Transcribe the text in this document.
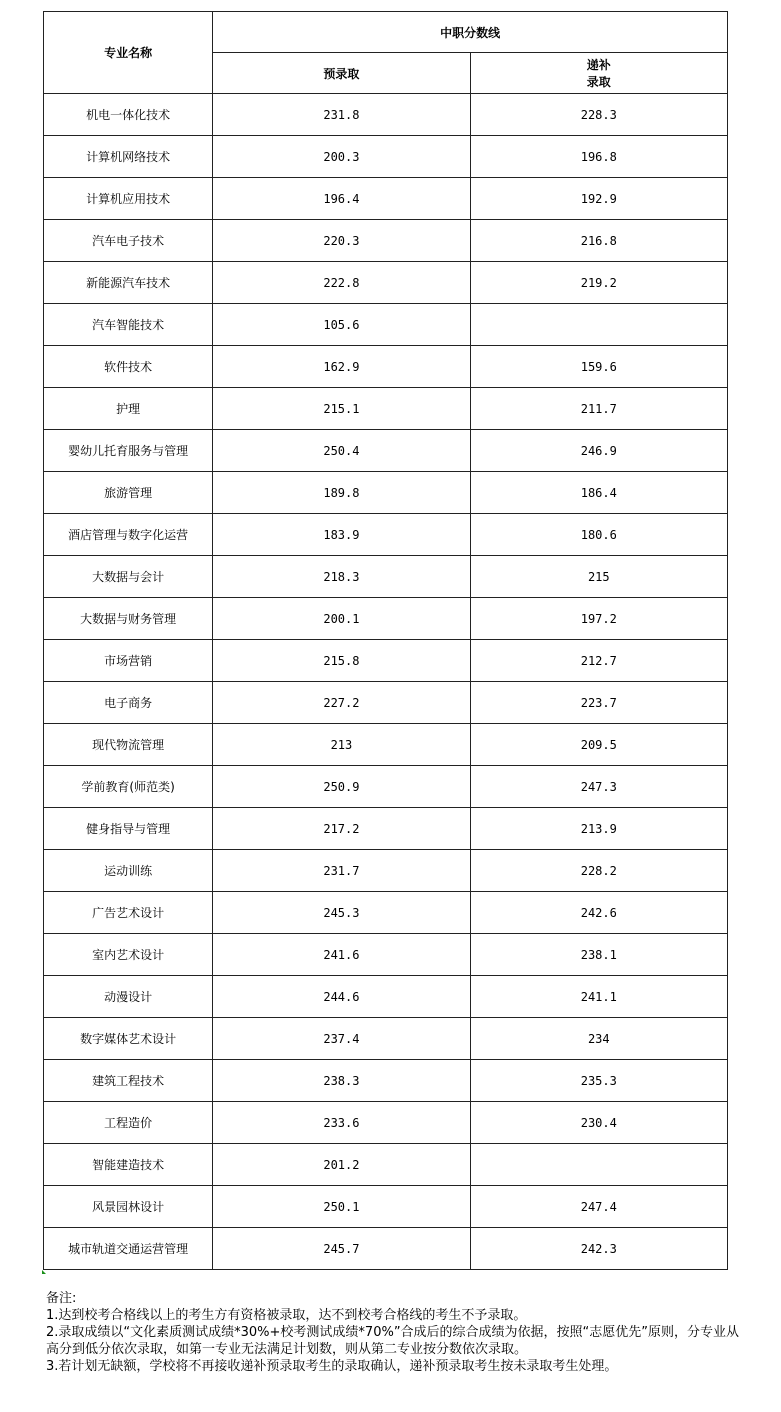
专业名称	中职分数线	
	预录取	递补
录取

机电一体化技术	231.8	228.3
计算机网络技术	200.3	196.8
计算机应用技术	196.4	192.9
汽车电子技术	220.3	216.8
新能源汽车技术	222.8	219.2
汽车智能技术	105.6	
软件技术	162.9	159.6
护理	215.1	211.7
婴幼儿托育服务与管理	250.4	246.9
旅游管理	189.8	186.4
酒店管理与数字化运营	183.9	180.6
大数据与会计	218.3	215
大数据与财务管理	200.1	197.2
市场营销	215.8	212.7
电子商务	227.2	223.7
现代物流管理	213	209.5
学前教育(师范类)	250.9	247.3
健身指导与管理	217.2	213.9
运动训练	231.7	228.2
广告艺术设计	245.3	242.6
室内艺术设计	241.6	238.1
动漫设计	244.6	241.1
数字媒体艺术设计	237.4	234
建筑工程技术	238.3	235.3
工程造价	233.6	230.4
智能建造技术	201.2	
风景园林设计	250.1	247.4
城市轨道交通运营管理	245.7	242.3

备注:

1.达到校考合格线以上的考生方有资格被录取，达不到校考合格线的考生不予录取。

2.录取成绩以“文化素质测试成绩*30%+校考测试成绩*70%”合成后的综合成绩为依据，按照“志愿优先”原则，分专业从高分到低分依次录取，如第一专业无法满足计划数，则从第二专业按分数依次录取。

3.若计划无缺额，学校将不再接收递补预录取考生的录取确认，递补预录取考生按未录取考生处理。
